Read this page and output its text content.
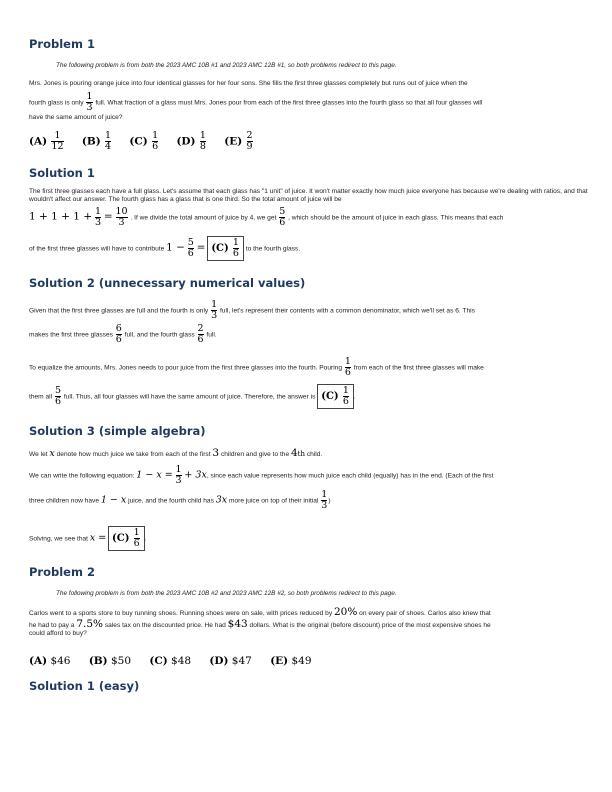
Problem 1
The following problem is from both the 2023 AMC 10B #1 and 2023 AMC 12B #1, so both problems redirect to this page.
Mrs. Jones is pouring orange juice into four identical glasses for her four sons. She fills the first three glasses completely but runs out of juice when the
fourth glass is only $\frac{1}{3}$ full. What fraction of a glass must Mrs. Jones pour from each of the first three glasses into the fourth glass so that all four glasses will
have the same amount of juice?
$(A) \frac{1}{12} (B) \frac{1}{4} (C) \frac{1}{6} (D) \frac{1}{8} (E) \frac{2}{9}$
Solution 1
The first three glasses each have a full glass. Let's assume that each glass has "1 unit" of juice. It won't matter exactly how much juice everyone has because we're dealing with ratios, and that wouldn't affect our answer. The fourth glass has a glass that is one third. So the total amount of juice will be
$1 + 1 + 1 + \frac{1}{3} = \frac{10}{3}$ . If we divide the total amount of juice by 4, we get $\frac{5}{6}$ , which should be the amount of juice in each glass. This means that each
of the first three glasses will have to contribute $1 - \frac{5}{6} = (C) \frac{1}{6}$ to the fourth glass.
Solution 2 (unnecessary numerical values)
Given that the first three glasses are full and the fourth is only $\frac{1}{3}$ full, let's represent their contents with a common denominator, which we'll set as 6. This
makes the first three glasses $\frac{6}{6}$ full, and the fourth glass $\frac{2}{6}$ full.
To equalize the amounts, Mrs. Jones needs to pour juice from the first three glasses into the fourth. Pouring $\frac{1}{6}$ from each of the first three glasses will make
them all $\frac{5}{6}$ full. Thus, all four glasses will have the same amount of juice. Therefore, the answer is $(C) \frac{1}{6}$ .
Solution 3 (simple algebra)
We let x denote how much juice we take from each of the first 3 children and give to the 4th child.
We can write the following equation: $1 - x = \frac{1}{3} + 3x$, since each value represents how much juice each child (equally) has in the end. (Each of the first
three children now have 1 − x juice, and the fourth child has 3x more juice on top of their initial $\frac{1}{3}$ )
Solving, we see that $x = (C) \frac{1}{6}$ .
Problem 2
The following problem is from both the 2023 AMC 10B #2 and 2023 AMC 12B #2, so both problems redirect to this page.
Carlos went to a sports store to buy running shoes. Running shoes were on sale, with prices reduced by 20% on every pair of shoes. Carlos also knew that
he had to pay a 7.5% sales tax on the discounted price. He had $43 dollars. What is the original (before discount) price of the most expensive shoes he
could afford to buy?
(A) $46 (B) $50 (C) $48 (D) $47 (E) $49
Solution 1 (easy)
